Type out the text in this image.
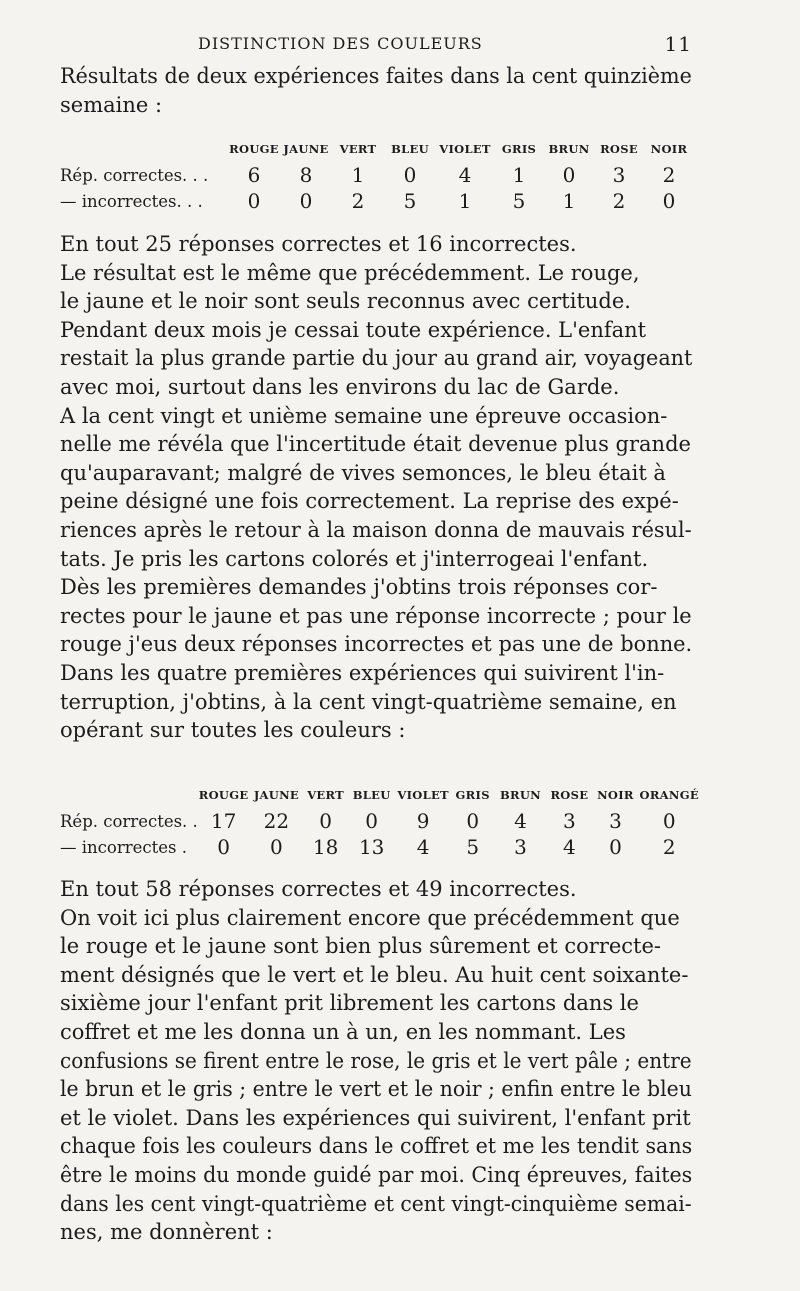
DISTINCTION DES COULEURS	11
Résultats de deux expériences faites dans la cent quinzième
semaine :
	ROUGE	JAUNE	VERT	BLEU	VIOLET	GRIS	BRUN	ROSE	NOIR
Rép. correctes. . .	6	8	1	0	4	1	0	3	2
— incorrectes. . .	0	0	2	5	1	5	1	2	0
En tout 25 réponses correctes et 16 incorrectes.
Le résultat est le même que précédemment. Le rouge,
le jaune et le noir sont seuls reconnus avec certitude.
Pendant deux mois je cessai toute expérience. L'enfant
restait la plus grande partie du jour au grand air, voyageant
avec moi, surtout dans les environs du lac de Garde.
A la cent vingt et unième semaine une épreuve occasion-
nelle me révéla que l'incertitude était devenue plus grande
qu'auparavant; malgré de vives semonces, le bleu était à
peine désigné une fois correctement. La reprise des expé-
riences après le retour à la maison donna de mauvais résul-
tats. Je pris les cartons colorés et j'interrogeai l'enfant.
Dès les premières demandes j'obtins trois réponses cor-
rectes pour le jaune et pas une réponse incorrecte ; pour le
rouge j'eus deux réponses incorrectes et pas une de bonne.
Dans les quatre premières expériences qui suivirent l'in-
terruption, j'obtins, à la cent vingt-quatrième semaine, en
opérant sur toutes les couleurs :
	ROUGE	JAUNE	VERT	BLEU	VIOLET	GRIS	BRUN	ROSE	NOIR	ORANGÉ
Rép. correctes. .	17	22	0	0	9	0	4	3	3	0
— incorrectes .	0	0	18	13	4	5	3	4	0	2
En tout 58 réponses correctes et 49 incorrectes.
On voit ici plus clairement encore que précédemment que
le rouge et le jaune sont bien plus sûrement et correcte-
ment désignés que le vert et le bleu. Au huit cent soixante-
sixième jour l'enfant prit librement les cartons dans le
coffret et me les donna un à un, en les nommant. Les
confusions se firent entre le rose, le gris et le vert pâle ; entre
le brun et le gris ; entre le vert et le noir ; enfin entre le bleu
et le violet. Dans les expériences qui suivirent, l'enfant prit
chaque fois les couleurs dans le coffret et me les tendit sans
être le moins du monde guidé par moi. Cinq épreuves, faites
dans les cent vingt-quatrième et cent vingt-cinquième semai-
nes, me donnèrent :
